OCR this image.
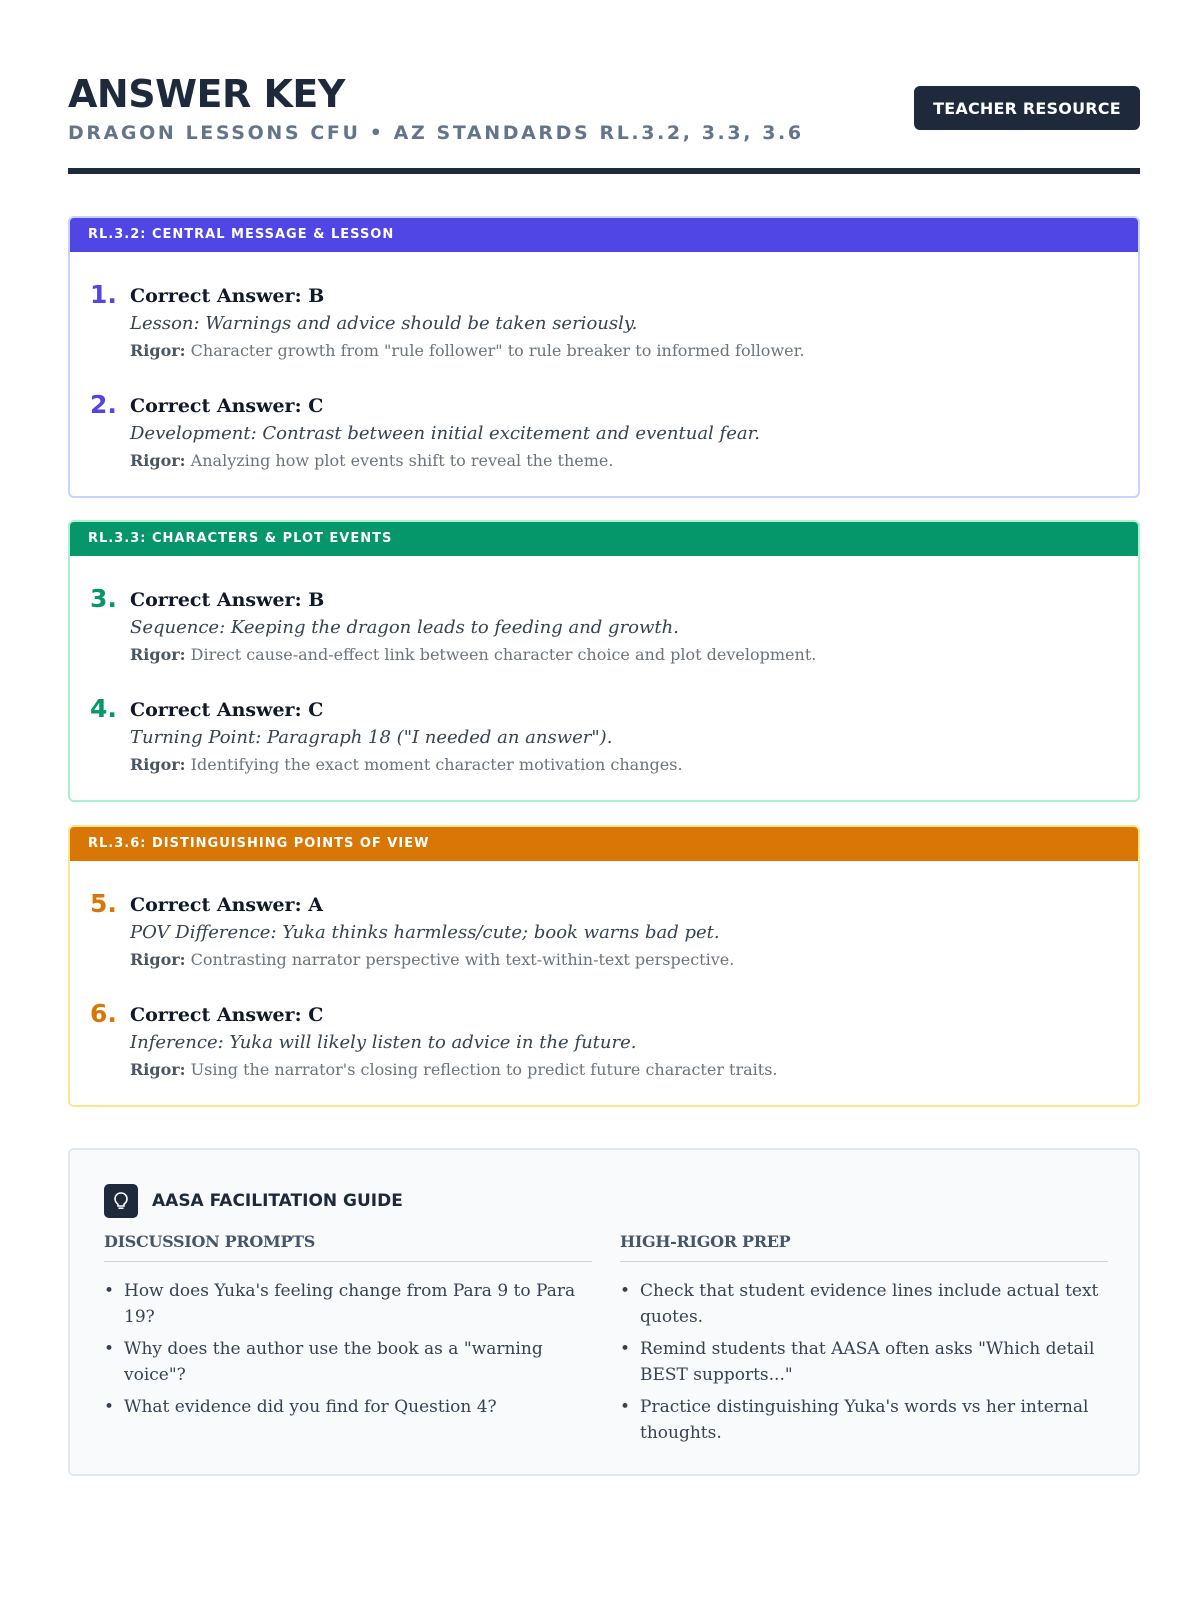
ANSWER KEY
DRAGON LESSONS CFU • AZ STANDARDS RL.3.2, 3.3, 3.6
TEACHER RESOURCE
RL.3.2: CENTRAL MESSAGE & LESSON
1. Correct Answer: B
Lesson: Warnings and advice should be taken seriously.
Rigor: Character growth from "rule follower" to rule breaker to informed follower.
2. Correct Answer: C
Development: Contrast between initial excitement and eventual fear.
Rigor: Analyzing how plot events shift to reveal the theme.
RL.3.3: CHARACTERS & PLOT EVENTS
3. Correct Answer: B
Sequence: Keeping the dragon leads to feeding and growth.
Rigor: Direct cause-and-effect link between character choice and plot development.
4. Correct Answer: C
Turning Point: Paragraph 18 ("I needed an answer").
Rigor: Identifying the exact moment character motivation changes.
RL.3.6: DISTINGUISHING POINTS OF VIEW
5. Correct Answer: A
POV Difference: Yuka thinks harmless/cute; book warns bad pet.
Rigor: Contrasting narrator perspective with text-within-text perspective.
6. Correct Answer: C
Inference: Yuka will likely listen to advice in the future.
Rigor: Using the narrator's closing reflection to predict future character traits.
AASA FACILITATION GUIDE
DISCUSSION PROMPTS
• How does Yuka's feeling change from Para 9 to Para 19?
• Why does the author use the book as a "warning voice"?
• What evidence did you find for Question 4?
HIGH-RIGOR PREP
• Check that student evidence lines include actual text quotes.
• Remind students that AASA often asks "Which detail BEST supports..."
• Practice distinguishing Yuka's words vs her internal thoughts.
